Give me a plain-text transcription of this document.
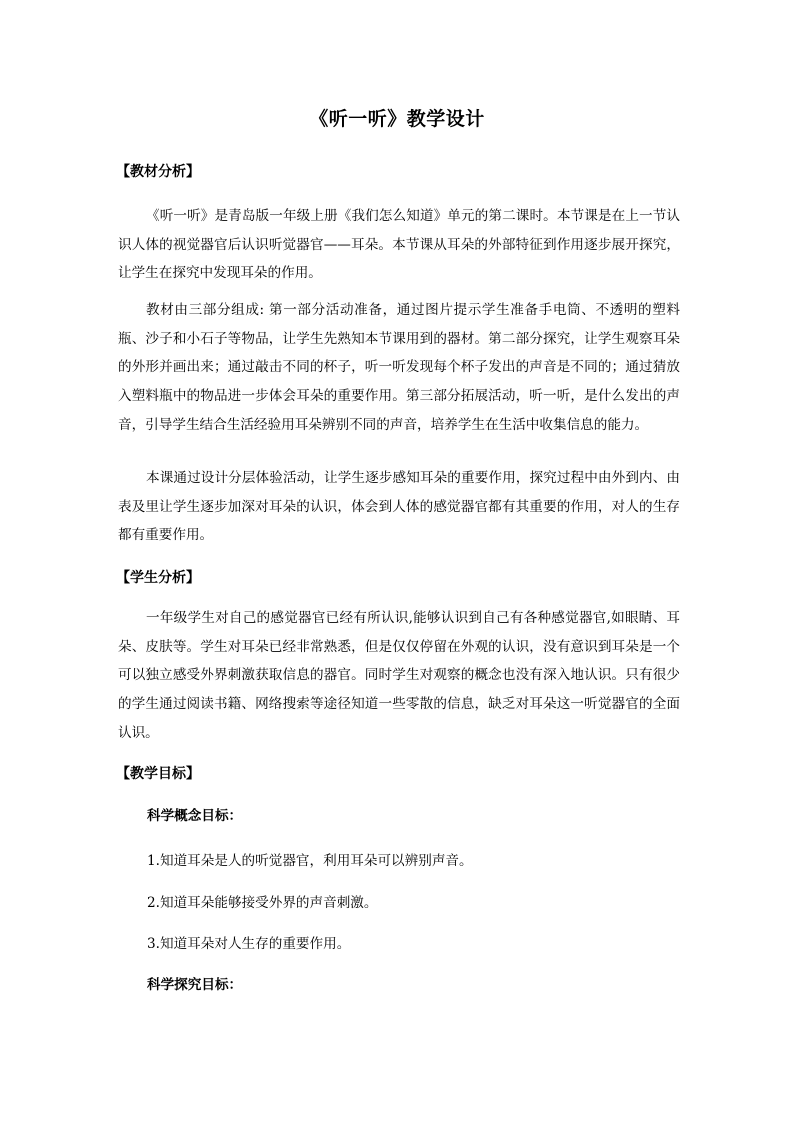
《听一听》教学设计
【教材分析】

《听一听》是青岛版一年级上册《我们怎么知道》单元的第二课时。本节课是在上一节认识人体的视觉器官后认识听觉器官——耳朵。本节课从耳朵的外部特征到作用逐步展开探究，让学生在探究中发现耳朵的作用。

教材由三部分组成: 第一部分活动准备，通过图片提示学生准备手电筒、不透明的塑料瓶、沙子和小石子等物品，让学生先熟知本节课用到的器材。第二部分探究，让学生观察耳朵的外形并画出来；通过敲击不同的杯子，听一听发现每个杯子发出的声音是不同的；通过猜放入塑料瓶中的物品进一步体会耳朵的重要作用。第三部分拓展活动，听一听，是什么发出的声音，引导学生结合生活经验用耳朵辨别不同的声音，培养学生在生活中收集信息的能力。

本课通过设计分层体验活动，让学生逐步感知耳朵的重要作用，探究过程中由外到内、由表及里让学生逐步加深对耳朵的认识，体会到人体的感觉器官都有其重要的作用，对人的生存都有重要作用。

【学生分析】

一年级学生对自己的感觉器官已经有所认识,能够认识到自己有各种感觉器官,如眼睛、耳朵、皮肤等。学生对耳朵已经非常熟悉，但是仅仅停留在外观的认识，没有意识到耳朵是一个可以独立感受外界刺激获取信息的器官。同时学生对观察的概念也没有深入地认识。只有很少的学生通过阅读书籍、网络搜索等途径知道一些零散的信息，缺乏对耳朵这一听觉器官的全面认识。

【教学目标】
科学概念目标：
1.知道耳朵是人的听觉器官，利用耳朵可以辨别声音。
2.知道耳朵能够接受外界的声音刺激。
3.知道耳朵对人生存的重要作用。
科学探究目标：
